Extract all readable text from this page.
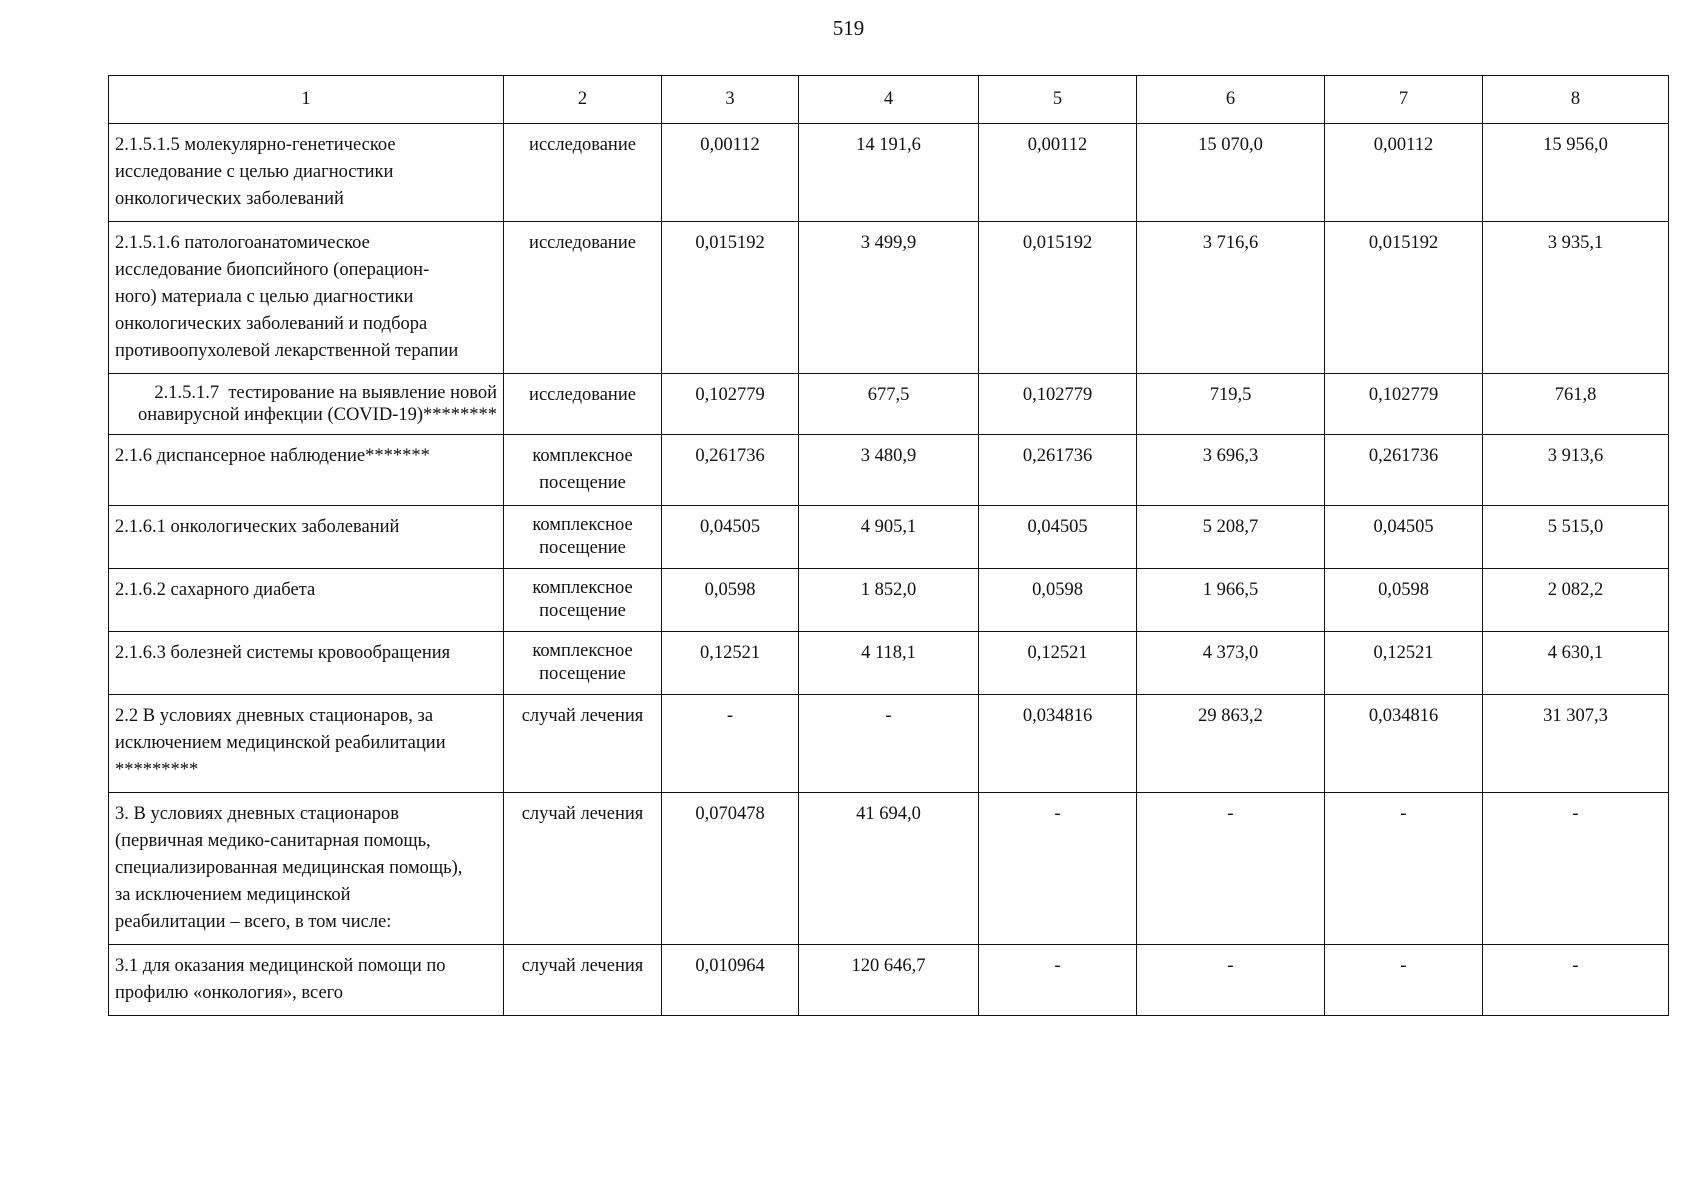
519
1	2	3	4	5	6	7	8
2.1.5.1.5 молекулярно-генетическое
исследование с целью диагностики
онкологических заболеваний	исследование	0,00112	14 191,6	0,00112	15 070,0	0,00112	15 956,0
2.1.5.1.6 патологоанатомическое
исследование биопсийного (операцион-
ного) материала с целью диагностики
онкологических заболеваний и подбора
противоопухолевой лекарственной терапии	исследование	0,015192	3 499,9	0,015192	3 716,6	0,015192	3 935,1
2.1.5.1.7  тестирование на выявление новой
онавирусной инфекции (COVID-19)********	исследование	0,102779	677,5	0,102779	719,5	0,102779	761,8
2.1.6 диспансерное наблюдение*******	комплексное
посещение	0,261736	3 480,9	0,261736	3 696,3	0,261736	3 913,6
2.1.6.1 онкологических заболеваний	комплексное
посещение	0,04505	4 905,1	0,04505	5 208,7	0,04505	5 515,0
2.1.6.2 сахарного диабета	комплексное
посещение	0,0598	1 852,0	0,0598	1 966,5	0,0598	2 082,2
2.1.6.3 болезней системы кровообращения	комплексное
посещение	0,12521	4 118,1	0,12521	4 373,0	0,12521	4 630,1
2.2 В условиях дневных стационаров, за
исключением медицинской реабилитации
*********	случай лечения	-	-	0,034816	29 863,2	0,034816	31 307,3
3. В условиях дневных стационаров
(первичная медико-санитарная помощь,
специализированная медицинская помощь),
за исключением медицинской
реабилитации – всего, в том числе:	случай лечения	0,070478	41 694,0	-	-	-	-
3.1 для оказания медицинской помощи по
профилю «онкология», всего	случай лечения	0,010964	120 646,7	-	-	-	-
